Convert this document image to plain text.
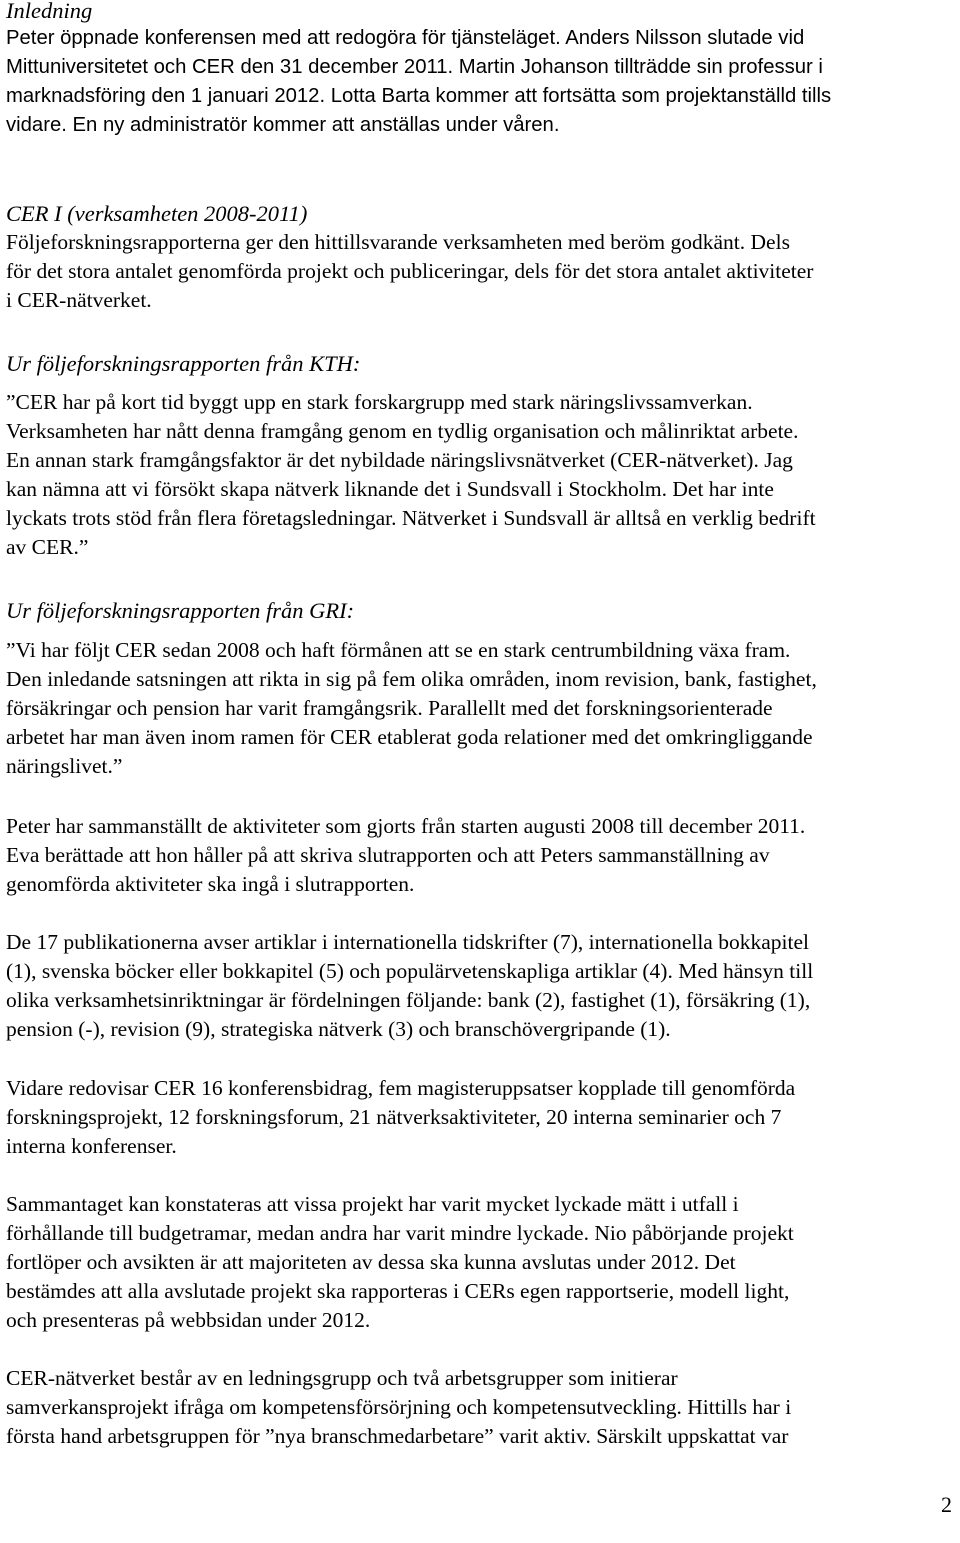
Inledning
Peter öppnade konferensen med att redogöra för tjänsteläget. Anders Nilsson slutade vid
Mittuniversitetet och CER den 31 december 2011. Martin Johanson tillträdde sin professur i
marknadsföring den 1 januari 2012. Lotta Barta kommer att fortsätta som projektanställd tills
vidare. En ny administratör kommer att anställas under våren.
CER I (verksamheten 2008-2011)
Följeforskningsrapporterna ger den hittillsvarande verksamheten med beröm godkänt. Dels
för det stora antalet genomförda projekt och publiceringar, dels för det stora antalet aktiviteter
i CER-nätverket.
Ur följeforskningsrapporten från KTH:
”CER har på kort tid byggt upp en stark forskargrupp med stark näringslivssamverkan.
Verksamheten har nått denna framgång genom en tydlig organisation och målinriktat arbete.
En annan stark framgångsfaktor är det nybildade näringslivsnätverket (CER-nätverket). Jag
kan nämna att vi försökt skapa nätverk liknande det i Sundsvall i Stockholm. Det har inte
lyckats trots stöd från flera företagsledningar. Nätverket i Sundsvall är alltså en verklig bedrift
av CER.”
Ur följeforskningsrapporten från GRI:
”Vi har följt CER sedan 2008 och haft förmånen att se en stark centrumbildning växa fram.
Den inledande satsningen att rikta in sig på fem olika områden, inom revision, bank, fastighet,
försäkringar och pension har varit framgångsrik. Parallellt med det forskningsorienterade
arbetet har man även inom ramen för CER etablerat goda relationer med det omkringliggande
näringslivet.”
Peter har sammanställt de aktiviteter som gjorts från starten augusti 2008 till december 2011.
Eva berättade att hon håller på att skriva slutrapporten och att Peters sammanställning av
genomförda aktiviteter ska ingå i slutrapporten.
De 17 publikationerna avser artiklar i internationella tidskrifter (7), internationella bokkapitel
(1), svenska böcker eller bokkapitel (5) och populärvetenskapliga artiklar (4). Med hänsyn till
olika verksamhetsinriktningar är fördelningen följande: bank (2), fastighet (1), försäkring (1),
pension (-), revision (9), strategiska nätverk (3) och branschövergripande (1).
Vidare redovisar CER 16 konferensbidrag, fem magisteruppsatser kopplade till genomförda
forskningsprojekt, 12 forskningsforum, 21 nätverksaktiviteter, 20 interna seminarier och 7
interna konferenser.
Sammantaget kan konstateras att vissa projekt har varit mycket lyckade mätt i utfall i
förhållande till budgetramar, medan andra har varit mindre lyckade. Nio påbörjande projekt
fortlöper och avsikten är att majoriteten av dessa ska kunna avslutas under 2012. Det
bestämdes att alla avslutade projekt ska rapporteras i CERs egen rapportserie, modell light,
och presenteras på webbsidan under 2012.
CER-nätverket består av en ledningsgrupp och två arbetsgrupper som initierar
samverkansprojekt ifråga om kompetensförsörjning och kompetensutveckling. Hittills har i
första hand arbetsgruppen för ”nya branschmedarbetare” varit aktiv. Särskilt uppskattat var
2
